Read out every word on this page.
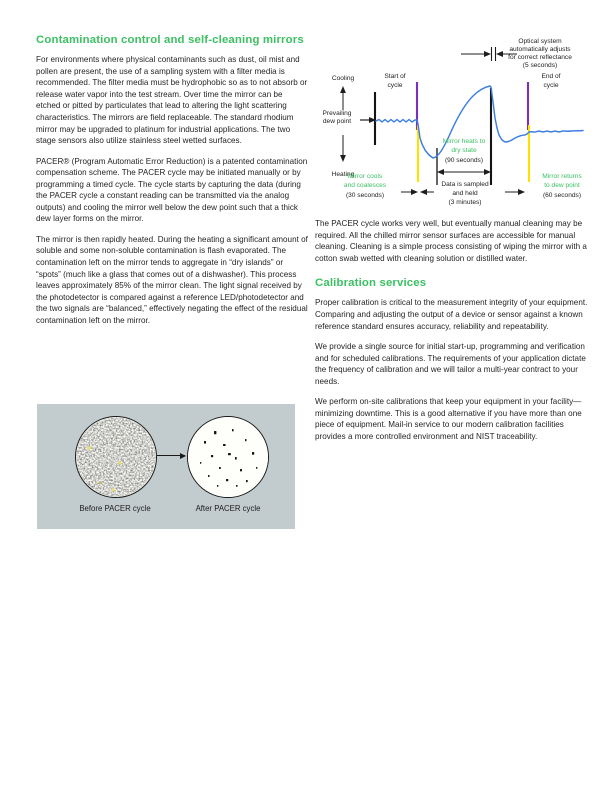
Contamination control and self-cleaning mirrors

For environments where physical contaminants such as dust, oil mist and pollen are present, the use of a sampling system with a filter media is recommended. The filter media must be hydrophobic so as to not absorb or release water vapor into the test stream. Over time the mirror can be etched or pitted by particulates that lead to altering the light scattering characteristics. The mirrors are field replaceable. The standard rhodium mirror may be upgraded to platinum for industrial applications. The two stage sensors also utilize stainless steel wetted surfaces.

PACER® (Program Automatic Error Reduction) is a patented contamination compensation scheme. The PACER cycle may be initiated manually or by programming a timed cycle. The cycle starts by capturing the data (during the PACER cycle a constant reading can be transmitted via the analog outputs) and cooling the mirror well below the dew point such that a thick dew layer forms on the mirror.

The mirror is then rapidly heated. During the heating a significant amount of soluble and some non-soluble contamination is flash evaporated. The contamination left on the mirror tends to aggregate in “dry islands” or “spots” (much like a glass that comes out of a dishwasher). This process leaves approximately 85% of the mirror clean. The light signal received by the photodetector is compared against a reference LED/photodetector and the two signals are “balanced,” effectively negating the effect of the residual contamination left on the mirror.

Before PACER cycle	After PACER cycle
Cooling
Heating
Prevailing
dew point
Start of
cycle
End of
cycle
Optical system
automatically adjusts
for correct reflectance
(5 seconds)
Mirror heats to
dry state
(90 seconds)
Mirror cools
and coalesces
(30 seconds)
Data is sampled
and held
(3 minutes)
Mirror returns
to dew point
(60 seconds)

The PACER cycle works very well, but eventually manual cleaning may be required. All the chilled mirror sensor surfaces are accessible for manual cleaning. Cleaning is a simple process consisting of wiping the mirror with a cotton swab wetted with cleaning solution or distilled water.

Calibration services

Proper calibration is critical to the measurement integrity of your equipment. Comparing and adjusting the output of a device or sensor against a known reference standard ensures accuracy, reliability and repeatability.

We provide a single source for initial start-up, programming and verification and for scheduled calibrations. The requirements of your application dictate the frequency of calibration and we will tailor a multi-year contract to your needs.

We perform on-site calibrations that keep your equipment in your facility—minimizing downtime. This is a good alternative if you have more than one piece of equipment. Mail-in service to our modern calibration facilities provides a more controlled environment and NIST traceability.
